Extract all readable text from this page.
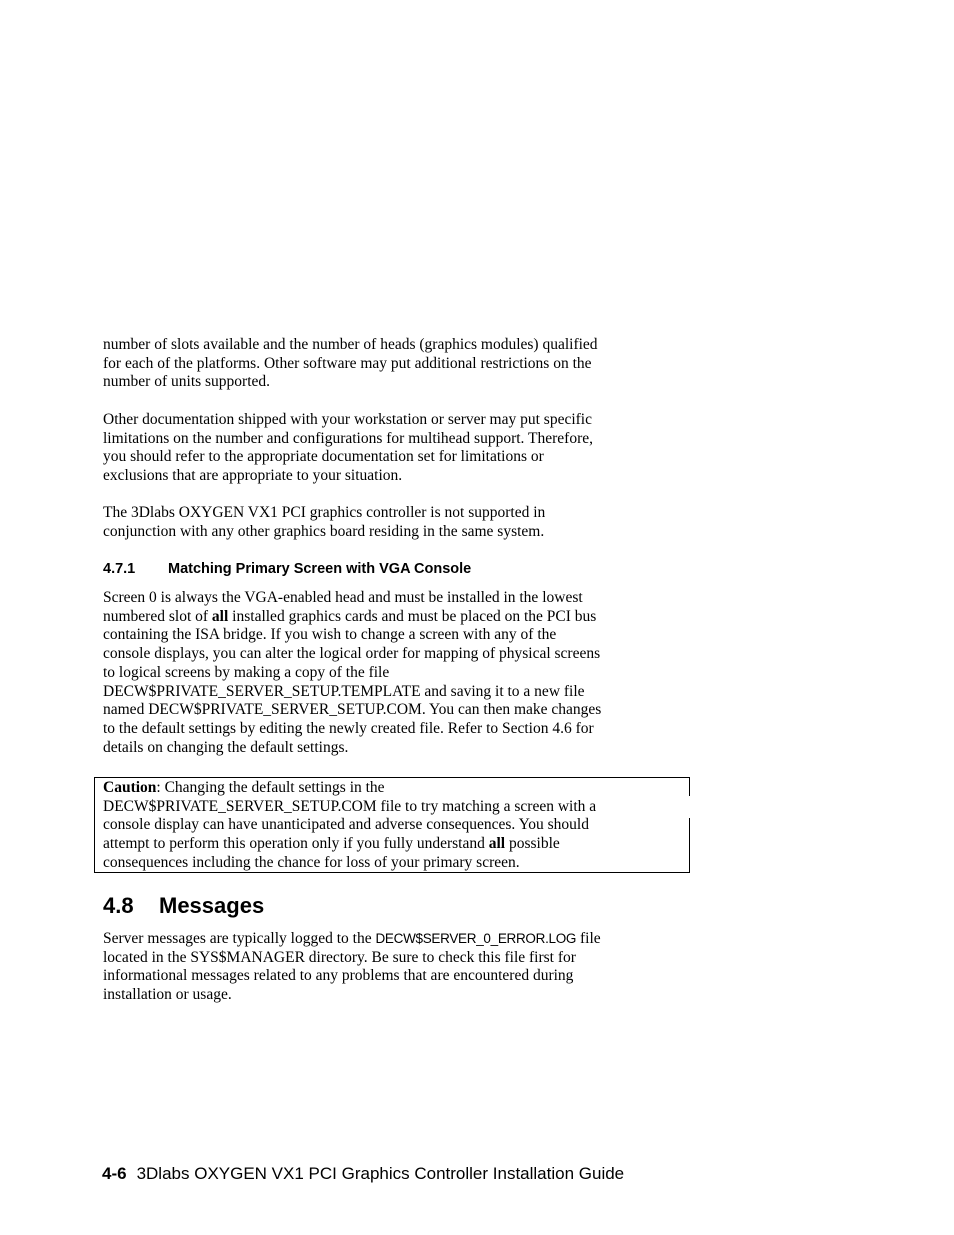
number of slots available and the number of heads (graphics modules) qualified
for each of the platforms. Other software may put additional restrictions on the
number of units supported.

Other documentation shipped with your workstation or server may put specific
limitations on the number and configurations for multihead support. Therefore,
you should refer to the appropriate documentation set for limitations or
exclusions that are appropriate to your situation.

The 3Dlabs OXYGEN VX1 PCI graphics controller is not supported in
conjunction with any other graphics board residing in the same system.

4.7.1 Matching Primary Screen with VGA Console

Screen 0 is always the VGA-enabled head and must be installed in the lowest
numbered slot of all installed graphics cards and must be placed on the PCI bus
containing the ISA bridge. If you wish to change a screen with any of the
console displays, you can alter the logical order for mapping of physical screens
to logical screens by making a copy of the file
DECW$PRIVATE_SERVER_SETUP.TEMPLATE and saving it to a new file
named DECW$PRIVATE_SERVER_SETUP.COM. You can then make changes
to the default settings by editing the newly created file. Refer to Section 4.6 for
details on changing the default settings.

Caution: Changing the default settings in the
DECW$PRIVATE_SERVER_SETUP.COM file to try matching a screen with a
console display can have unanticipated and adverse consequences. You should
attempt to perform this operation only if you fully understand all possible
consequences including the chance for loss of your primary screen.

4.8 Messages

Server messages are typically logged to the DECW$SERVER_0_ERROR.LOG file
located in the SYS$MANAGER directory. Be sure to check this file first for
informational messages related to any problems that are encountered during
installation or usage.

4-6 3Dlabs OXYGEN VX1 PCI Graphics Controller Installation Guide
